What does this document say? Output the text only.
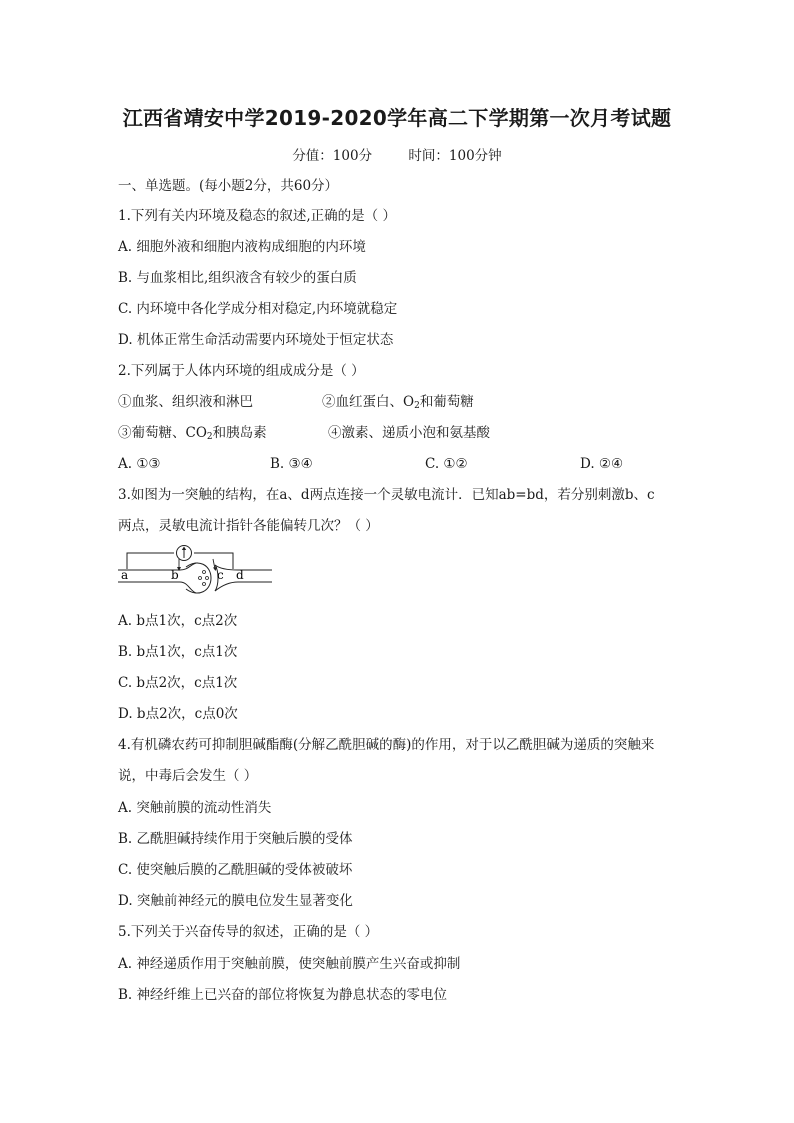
江西省靖安中学2019-2020学年高二下学期第一次月考试题
分值：100分	时间：100分钟
一、单选题。(每小题2分，共60分）
1.下列有关内环境及稳态的叙述,正确的是（ ）
A. 细胞外液和细胞内液构成细胞的内环境
B. 与血浆相比,组织液含有较少的蛋白质
C. 内环境中各化学成分相对稳定,内环境就稳定
D. 机体正常生命活动需要内环境处于恒定状态
2.下列属于人体内环境的组成成分是（ ）
①血浆、组织液和淋巴	②血红蛋白、$O_2$和葡萄糖
③葡萄糖、$CO_2$和胰岛素	④激素、递质小泡和氨基酸
A. ①③	B. ③④	C. ①②	D. ②④
3.如图为一突触的结构，在a、d两点连接一个灵敏电流计．已知ab=bd，若分别刺激b、c
两点，灵敏电流计指针各能偏转几次？（ ）
a	b	c d
A. b点1次，c点2次
B. b点1次，c点1次
C. b点2次，c点1次
D. b点2次，c点0次
4.有机磷农药可抑制胆碱酯酶(分解乙酰胆碱的酶)的作用，对于以乙酰胆碱为递质的突触来
说，中毒后会发生（ ）
A. 突触前膜的流动性消失
B. 乙酰胆碱持续作用于突触后膜的受体
C. 使突触后膜的乙酰胆碱的受体被破坏
D. 突触前神经元的膜电位发生显著变化
5.下列关于兴奋传导的叙述，正确的是（ ）
A. 神经递质作用于突触前膜，使突触前膜产生兴奋或抑制
B. 神经纤维上已兴奋的部位将恢复为静息状态的零电位
